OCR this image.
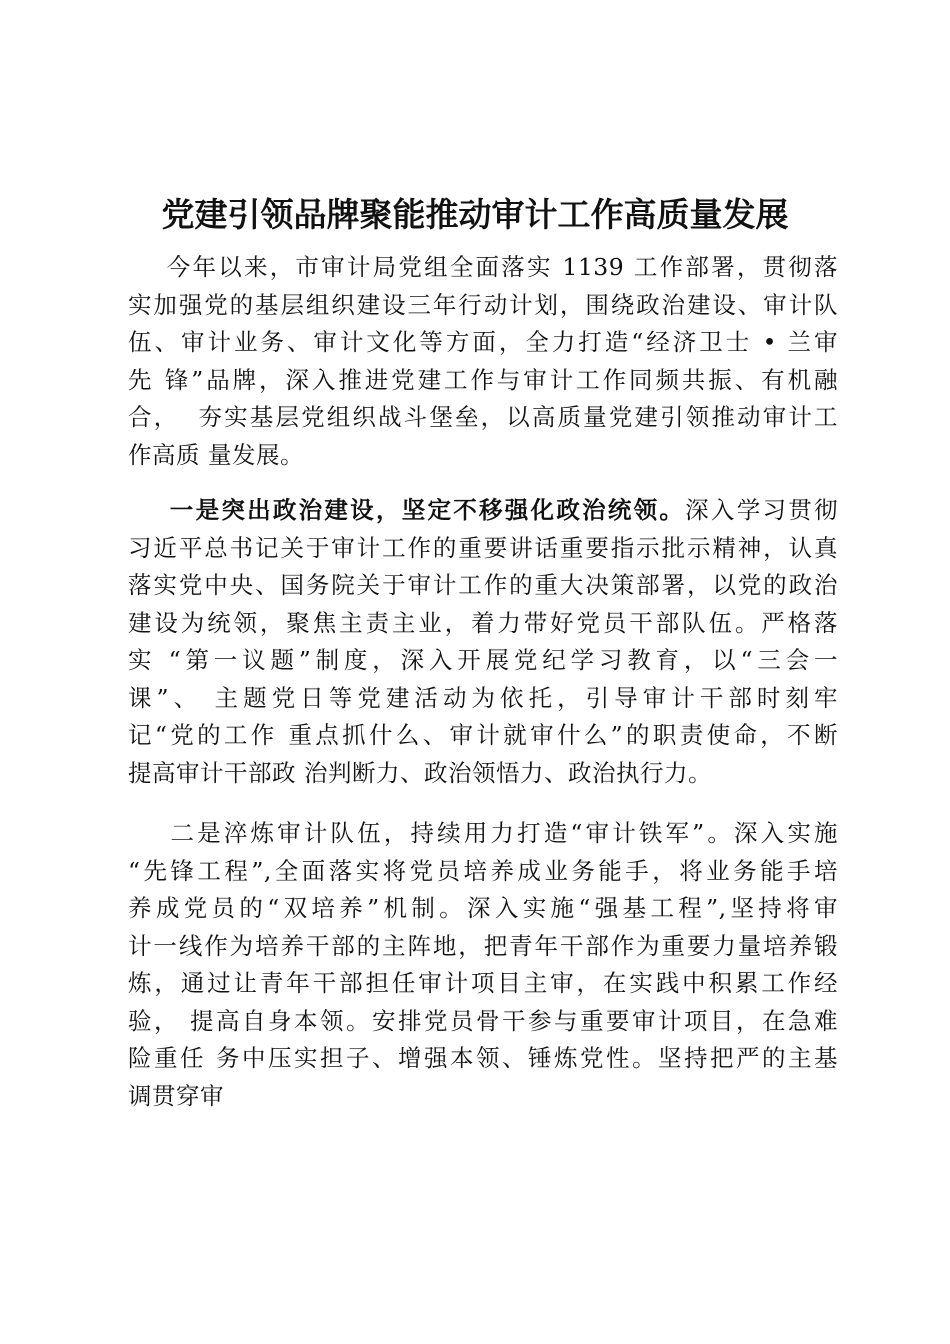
党建引领品牌聚能推动审计工作高质量发展
今年以来，市审计局党组全面落实 1139 工作部署，贯彻落
实加强党的基层组织建设三年行动计划，围绕政治建设、审计队
伍、审计业务、审计文化等方面，全力打造“经济卫士 • 兰审
先 锋”品牌，深入推进党建工作与审计工作同频共振、有机融
合，  夯实基层党组织战斗堡垒，以高质量党建引领推动审计工
作高质 量发展。
一是突出政治建设，坚定不移强化政治统领。深入学习贯彻
习近平总书记关于审计工作的重要讲话重要指示批示精神，认真
落实党中央、国务院关于审计工作的重大决策部署，以党的政治
建设为统领，聚焦主责主业，着力带好党员干部队伍。严格落
实 “第一议题”制度，深入开展党纪学习教育，以“三会一
课”、 主题党日等党建活动为依托，引导审计干部时刻牢
记“党的工作 重点抓什么、审计就审什么”的职责使命，不断
提高审计干部政 治判断力、政治领悟力、政治执行力。
二是淬炼审计队伍，持续用力打造“审计铁军”。深入实施
“先锋工程”,全面落实将党员培养成业务能手，将业务能手培
养成党员的“双培养”机制。深入实施“强基工程”,坚持将审
计一线作为培养干部的主阵地，把青年干部作为重要力量培养锻
炼，通过让青年干部担任审计项目主审，在实践中积累工作经
验， 提高自身本领。安排党员骨干参与重要审计项目，在急难
险重任 务中压实担子、增强本领、锤炼党性。坚持把严的主基
调贯穿审
